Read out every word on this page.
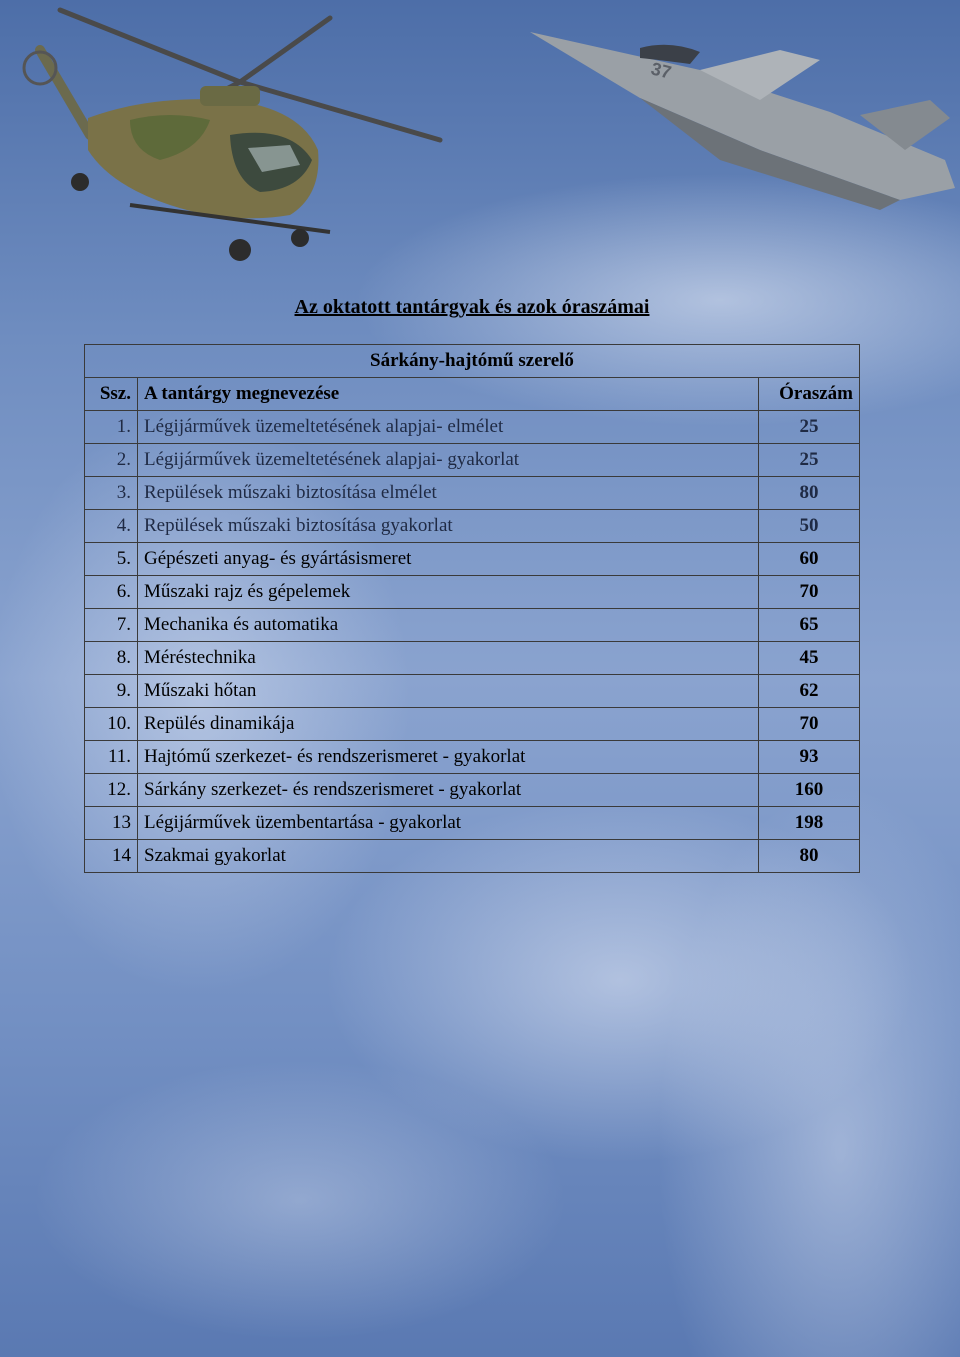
37
Az oktatott tantárgyak és azok óraszámai
Sárkány-hajtómű szerelő		
Ssz.	A tantárgy megnevezése	Óraszám
1.	Légijárművek üzemeltetésének alapjai- elmélet	25
2.	Légijárművek üzemeltetésének alapjai- gyakorlat	25
3.	Repülések műszaki biztosítása elmélet	80
4.	Repülések műszaki biztosítása gyakorlat	50
5.	Gépészeti anyag- és gyártásismeret	60
6.	Műszaki rajz és gépelemek	70
7.	Mechanika és automatika	65
8.	Méréstechnika	45
9.	Műszaki hőtan	62
10.	Repülés dinamikája	70
11.	Hajtómű szerkezet- és rendszerismeret - gyakorlat	93
12.	Sárkány szerkezet- és rendszerismeret - gyakorlat	160
13	Légijárművek üzembentartása - gyakorlat	198
14	Szakmai gyakorlat	80
